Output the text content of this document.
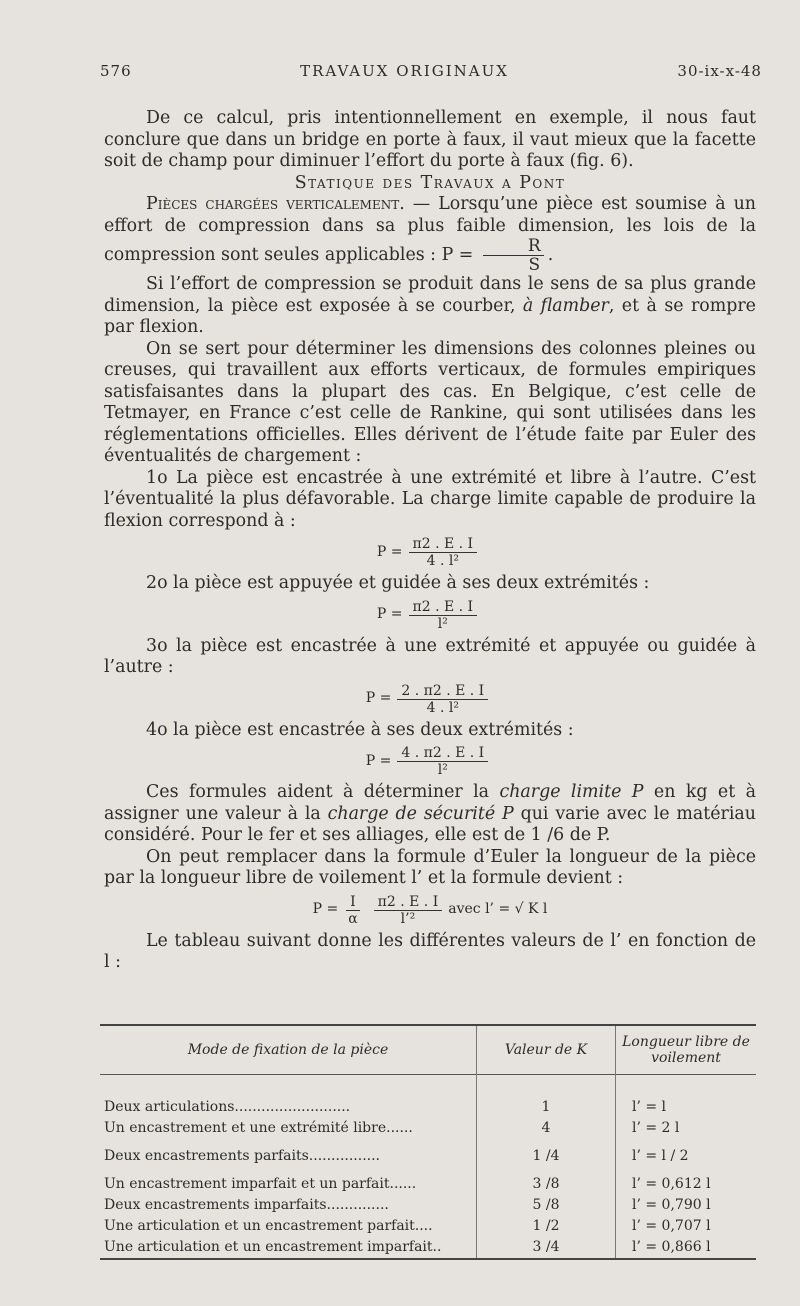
576	TRAVAUX ORIGINAUX	30-ix-x-48

De ce calcul, pris intentionnellement en exemple, il nous faut conclure que dans un bridge en porte à faux, il vaut mieux que la facette soit de champ pour diminuer l’effort du porte à faux (fig. 6).

Statique des Travaux a Pont

Pièces chargées verticalement. — Lorsqu’une pièce est soumise à un effort de compression dans sa plus faible dimension, les lois de la compression sont seules applicables : $P = \frac{R}{S}$ .

Si l’effort de compression se produit dans le sens de sa plus grande dimension, la pièce est exposée à se courber, à flamber, et à se rompre par flexion.

On se sert pour déterminer les dimensions des colonnes pleines ou creuses, qui travaillent aux efforts verticaux, de formules empiriques satisfaisantes dans la plupart des cas. En Belgique, c’est celle de Tetmayer, en France c’est celle de Rankine, qui sont utilisées dans les réglementations officielles. Elles dérivent de l’étude faite par Euler des éventualités de chargement :

1o La pièce est encastrée à une extrémité et libre à l’autre. C’est l’éventualité la plus défavorable. La charge limite capable de produire la flexion correspond à :

$P = \frac{\pi 2 . E . I}{\text{4 . l²}}$

2o la pièce est appuyée et guidée à ses deux extrémités :

$P = \frac{\pi 2 . E . I}{\text{l²}}$

3o la pièce est encastrée à une extrémité et appuyée ou guidée à l’autre :

$P = \frac{2 . \pi 2 . E . I}{\text{4 . l²}}$

4o la pièce est encastrée à ses deux extrémités :

$P = \frac{4 . \pi 2 . E . I}{\text{l²}}$

Ces formules aident à déterminer la charge limite P en kg et à assigner une valeur à la charge de sécurité P qui varie avec le matériau considéré. Pour le fer et ses alliages, elle est de 1 /6 de P.

On peut remplacer dans la formule d’Euler la longueur de la pièce par la longueur libre de voilement l’ et la formule devient :

$P = \frac{I}{\alpha} \frac{\pi 2 . E . I}{\text{l’²}}$ avec l’ = √ K l

Le tableau suivant donne les différentes valeurs de l’ en fonction de l :

Mode de fixation de la pièce	Valeur de K	Longueur libre de voilement

Deux articulations..........................	1	l’ = l
Un encastrement et une extrémité libre......	4	l’ = 2 l
Deux encastrements parfaits................	1 /4	l’ = l / 2
Un encastrement imparfait et un parfait......	3 /8	l’ = 0,612 l
Deux encastrements imparfaits..............	5 /8	l’ = 0,790 l
Une articulation et un encastrement parfait....	1 /2	l’ = 0,707 l
Une articulation et un encastrement imparfait..	3 /4	l’ = 0,866 l
